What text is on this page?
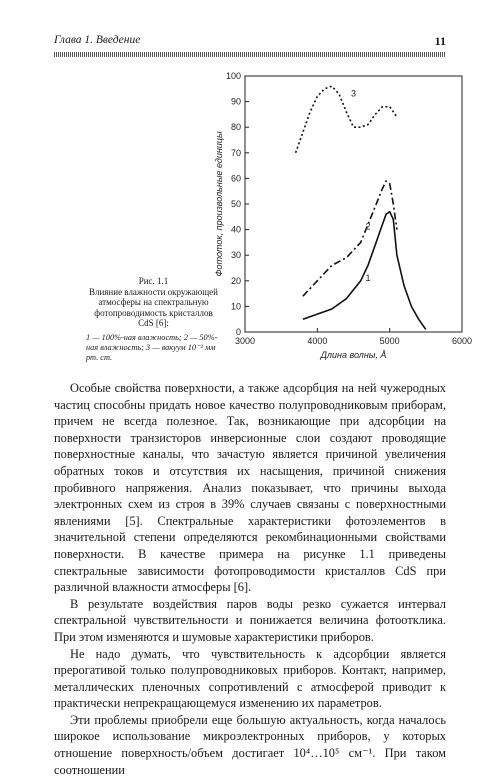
Глава 1. Введение	11
Рис. 1.1
Влияние влажности окружающей атмосферы на спектральную фотопроводимость кристаллов CdS [6]:
1 — 100%-ная влажность; 2 — 50%-ная влажность; 3 — вакуум 10⁻² мм рт. ст.
3000	4000	5000	6000
0
10
20
30
40
50
60
70
80
90
100
Длина волны, Å
Фототок, произвольные единицы
1
2
3

Особые свойства поверхности, а также адсорбция на ней чужеродных частиц способны придать новое качество полупроводниковым приборам, причем не всегда полезное. Так, возникающие при адсорбции на поверхности транзисторов инверсионные слои создают проводящие поверхностные каналы, что зачастую является причиной увеличения обратных токов и отсутствия их насыщения, причиной снижения пробивного напряжения. Анализ показывает, что причины выхода электронных схем из строя в 39% случаев связаны с поверхностными явлениями [5]. Спектральные характеристики фотоэлементов в значительной степени определяются рекомбинационными свойствами поверхности. В качестве примера на рисунке 1.1 приведены спектральные зависимости фотопроводимости кристаллов CdS при различной влажности атмосферы [6].

В результате воздействия паров воды резко сужается интервал спектральной чувствительности и понижается величина фотоотклика. При этом изменяются и шумовые характеристики приборов.

Не надо думать, что чувствительность к адсорбции является прерогативой только полупроводниковых приборов. Контакт, например, металлических пленочных сопротивлений с атмосферой приводит к практически непрекращающемуся изменению их параметров.

Эти проблемы приобрели еще большую актуальность, когда началось широкое использование микроэлектронных приборов, у которых отношение поверхность/объем достигает 10⁴…10⁵ см⁻¹. При таком соотношении
